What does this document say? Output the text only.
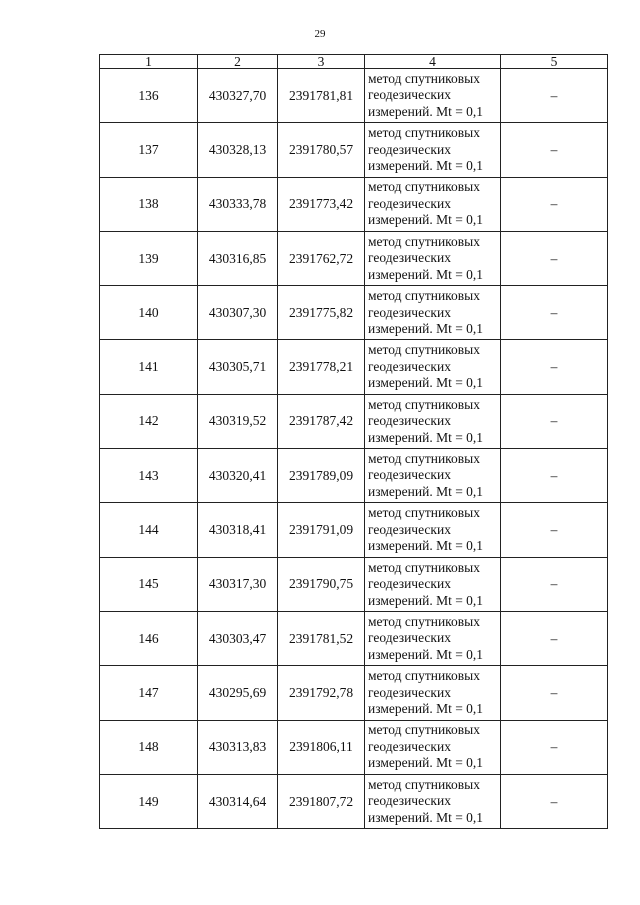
29
1	2	3	4	5
136	430327,70	2391781,81	метод спутниковых
геодезических
измерений. Mt = 0,1	–
137	430328,13	2391780,57	метод спутниковых
геодезических
измерений. Mt = 0,1	–
138	430333,78	2391773,42	метод спутниковых
геодезических
измерений. Mt = 0,1	–
139	430316,85	2391762,72	метод спутниковых
геодезических
измерений. Mt = 0,1	–
140	430307,30	2391775,82	метод спутниковых
геодезических
измерений. Mt = 0,1	–
141	430305,71	2391778,21	метод спутниковых
геодезических
измерений. Mt = 0,1	–
142	430319,52	2391787,42	метод спутниковых
геодезических
измерений. Mt = 0,1	–
143	430320,41	2391789,09	метод спутниковых
геодезических
измерений. Mt = 0,1	–
144	430318,41	2391791,09	метод спутниковых
геодезических
измерений. Mt = 0,1	–
145	430317,30	2391790,75	метод спутниковых
геодезических
измерений. Mt = 0,1	–
146	430303,47	2391781,52	метод спутниковых
геодезических
измерений. Mt = 0,1	–
147	430295,69	2391792,78	метод спутниковых
геодезических
измерений. Mt = 0,1	–
148	430313,83	2391806,11	метод спутниковых
геодезических
измерений. Mt = 0,1	–
149	430314,64	2391807,72	метод спутниковых
геодезических
измерений. Mt = 0,1	–
